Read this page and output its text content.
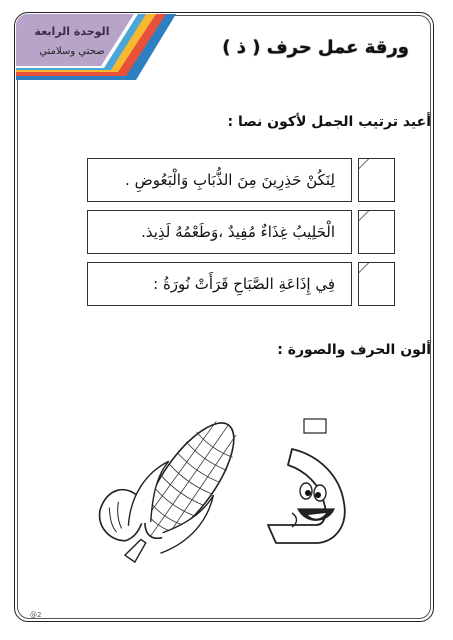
الوحدة الرابعة
صحتي وسلامتي	ورقة عمل حرف ( ذ )
أعيد ترتيب الجمل لأكون نصا :
لِنَكُنْ حَذِرِينَ مِنَ الذُّبَابِ وَالْبَعُوضِ .
الْحَلِيبُ غِذَاءٌ مُفِيدٌ ،وَطَعْمُهُ لَذِيذ.
فِي إِذَاعَةِ الصَّبَاحِ قَرَأَتْ نُورَةُ :
ألون الحرف والصورة :
@2
